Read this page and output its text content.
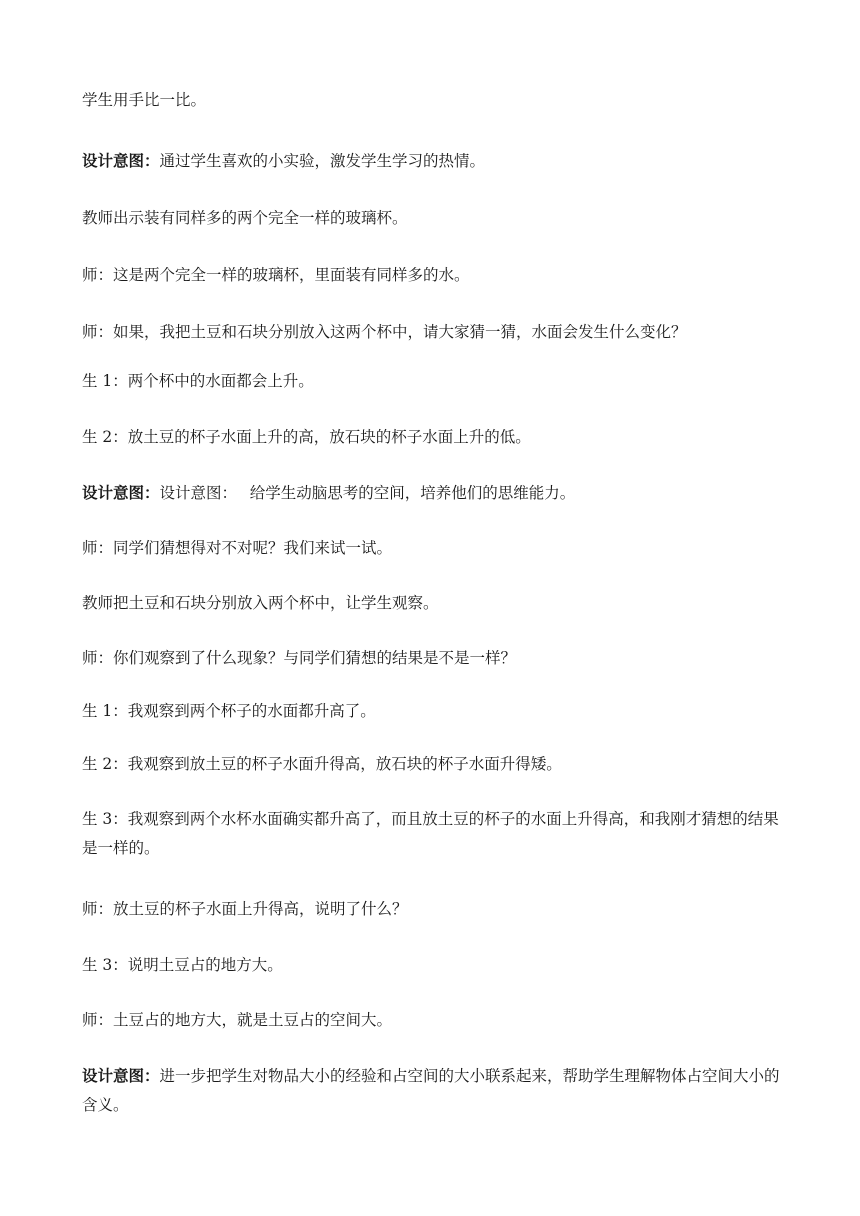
学生用手比一比。

设计意图：通过学生喜欢的小实验，激发学生学习的热情。

教师出示装有同样多的两个完全一样的玻璃杯。

师：这是两个完全一样的玻璃杯，里面装有同样多的水。

师：如果，我把土豆和石块分别放入这两个杯中，请大家猜一猜，水面会发生什么变化？

生 1：两个杯中的水面都会上升。

生 2：放土豆的杯子水面上升的高，放石块的杯子水面上升的低。

设计意图：设计意图：　 给学生动脑思考的空间，培养他们的思维能力。

师：同学们猜想得对不对呢？我们来试一试。

教师把土豆和石块分别放入两个杯中，让学生观察。

师：你们观察到了什么现象？与同学们猜想的结果是不是一样？

生 1：我观察到两个杯子的水面都升高了。

生 2：我观察到放土豆的杯子水面升得高，放石块的杯子水面升得矮。

生 3：我观察到两个水杯水面确实都升高了，而且放土豆的杯子的水面上升得高，和我刚才猜想的结果是一样的。

师：放土豆的杯子水面上升得高，说明了什么？

生 3：说明土豆占的地方大。

师：土豆占的地方大，就是土豆占的空间大。

设计意图：进一步把学生对物品大小的经验和占空间的大小联系起来，帮助学生理解物体占空间大小的含义。
